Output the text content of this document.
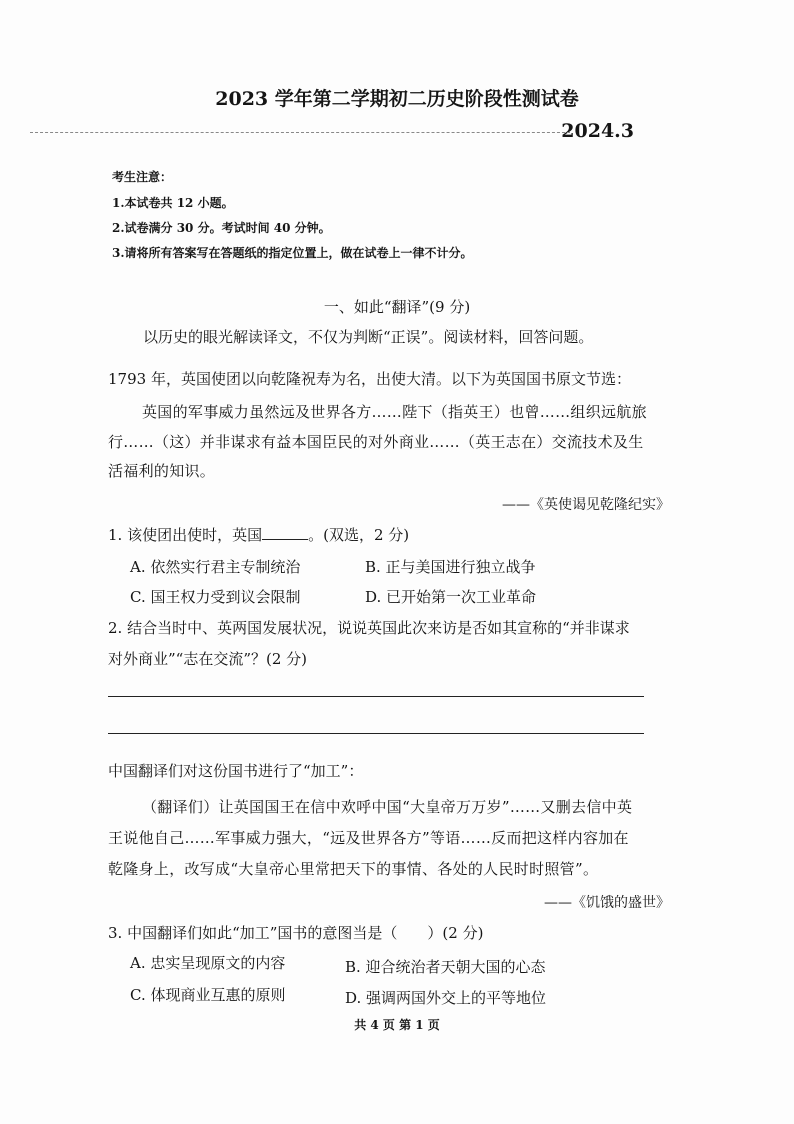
2023 学年第二学期初二历史阶段性测试卷
2024.3
考生注意：
1.本试卷共 12 小题。
2.试卷满分 30 分。考试时间 40 分钟。
3.请将所有答案写在答题纸的指定位置上，做在试卷上一律不计分。
一、如此“翻译”(9 分)
以历史的眼光解读译文，不仅为判断“正误”。阅读材料，回答问题。
1793 年，英国使团以向乾隆祝寿为名，出使大清。以下为英国国书原文节选：
英国的军事威力虽然远及世界各方……陛下（指英王）也曾……组织远航旅
行……（这）并非谋求有益本国臣民的对外商业……（英王志在）交流技术及生
活福利的知识。
——《英使谒见乾隆纪实》
1. 该使团出使时，英国	。(双选，2 分)
A. 依然实行君主专制统治	B. 正与美国进行独立战争
C. 国王权力受到议会限制	D. 已开始第一次工业革命
2. 结合当时中、英两国发展状况，说说英国此次来访是否如其宣称的“并非谋求
对外商业”“志在交流”？(2 分)
中国翻译们对这份国书进行了“加工”：
（翻译们）让英国国王在信中欢呼中国“大皇帝万万岁”……又删去信中英
王说他自己……军事威力强大，“远及世界各方”等语……反而把这样内容加在
乾隆身上，改写成“大皇帝心里常把天下的事情、各处的人民时时照管”。
——《饥饿的盛世》
3. 中国翻译们如此“加工”国书的意图当是（　　）(2 分)
A. 忠实呈现原文的内容	B. 迎合统治者天朝大国的心态
C. 体现商业互惠的原则	D. 强调两国外交上的平等地位
共 4 页 第 1 页
